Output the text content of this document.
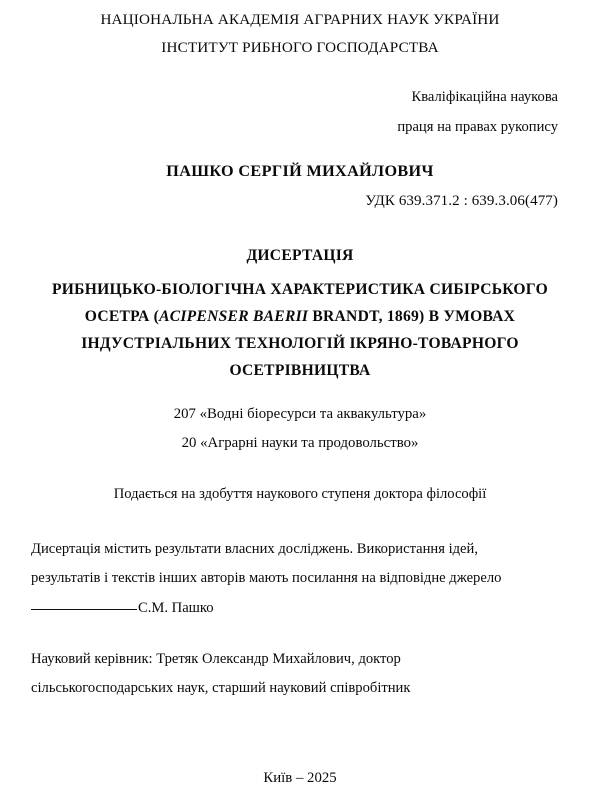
НАЦІОНАЛЬНА АКАДЕМІЯ АГРАРНИХ НАУК УКРАЇНИ
ІНСТИТУТ РИБНОГО ГОСПОДАРСТВА
Кваліфікаційна наукова
праця на правах рукопису
ПАШКО СЕРГІЙ МИХАЙЛОВИЧ
УДК 639.371.2 : 639.3.06(477)
ДИСЕРТАЦІЯ
РИБНИЦЬКО-БІОЛОГІЧНА ХАРАКТЕРИСТИКА СИБІРСЬКОГО
ОСЕТРА (ACIPENSER BAERII BRANDT, 1869) В УМОВАХ
ІНДУСТРІАЛЬНИХ ТЕХНОЛОГІЙ ІКРЯНО-ТОВАРНОГО
ОСЕТРІВНИЦТВА
207 «Водні біоресурси та аквакультура»
20 «Аграрні науки та продовольство»
Подається на здобуття наукового ступеня доктора філософії
Дисертація містить результати власних досліджень. Використання ідей,
результатів і текстів інших авторів мають посилання на відповідне джерело
С.М. Пашко
Науковий керівник: Третяк Олександр Михайлович, доктор
сільськогосподарських наук, старший науковий співробітник
Київ – 2025
